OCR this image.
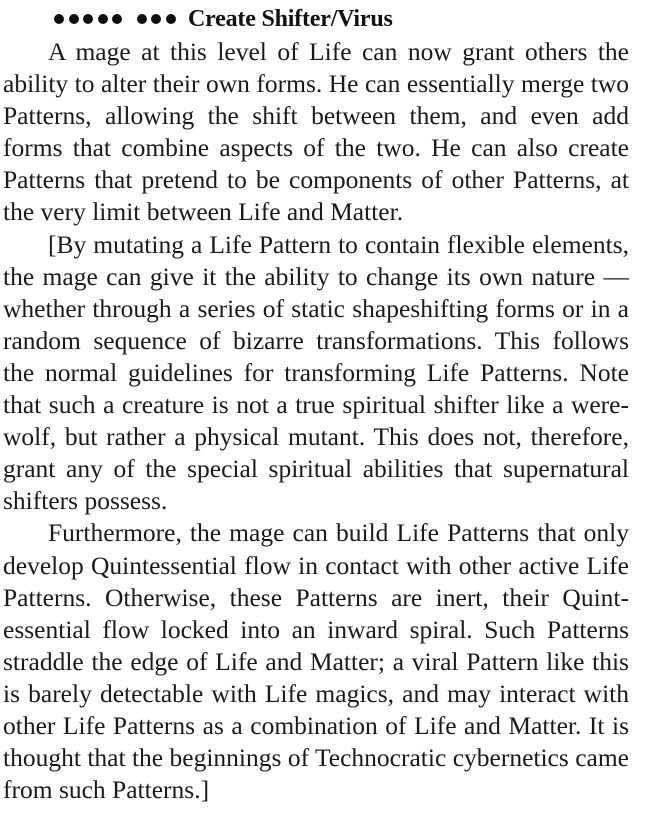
Create Shifter/Virus

A mage at this level of Life can now grant others the ability to alter their own forms. He can essentially merge two Patterns, allowing the shift between them, and even add forms that combine aspects of the two. He can also create Patterns that pretend to be components of other Patterns, at the very limit between Life and Matter.

[By mutating a Life Pattern to contain flexible elements, the mage can give it the ability to change its own nature — whether through a series of static shapeshifting forms or in a random sequence of bizarre transformations. This follows the normal guidelines for transforming Life Patterns. Note that such a creature is not a true spiritual shifter like a were-wolf, but rather a physical mutant. This does not, therefore, grant any of the special spiritual abilities that supernatural shifters possess.

Furthermore, the mage can build Life Patterns that only develop Quintessential flow in contact with other active Life Patterns. Otherwise, these Patterns are inert, their Quint-essential flow locked into an inward spiral. Such Patterns straddle the edge of Life and Matter; a viral Pattern like this is barely detectable with Life magics, and may interact with other Life Patterns as a combination of Life and Matter. It is thought that the beginnings of Technocratic cybernetics came from such Patterns.]
